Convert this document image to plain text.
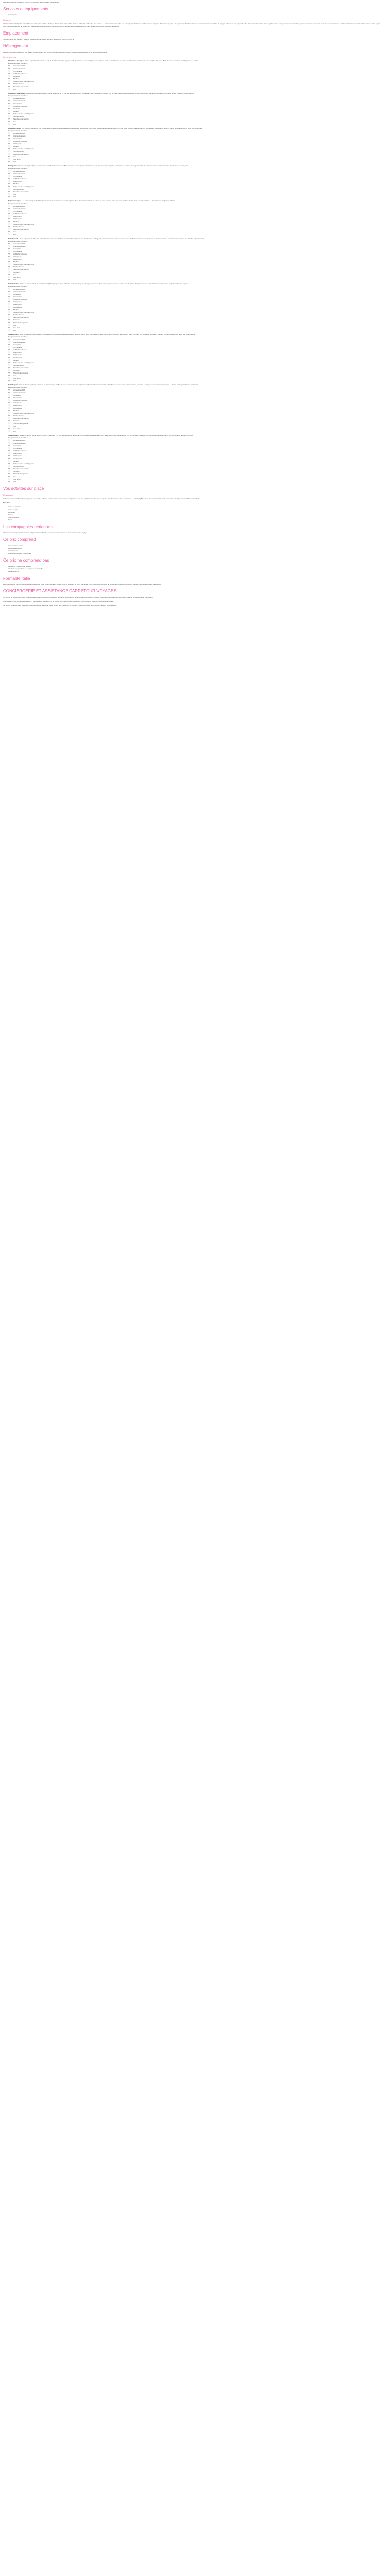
Description Ce pris comprend : Ce pris ne comprend pas Formalité Consignement

Services et équipements
• Conciergerie
Résumé

L'Hôtel de Russie fait partie des établissements les plus célèbres de Rome. Fleuri dès le plus célèbre château et bientôt sur l'un des plus beaux : Le bâtiment historique offre une remarquable définition de raffinement et l'élégance. Dans l'élevage des 120 logements chambres et suites, des chambres aux meubles de l'époque offrent une vue imprenable des Thermes de Caracalla. Dans le jardin secret, vous pourrez vous détendre au parfum des roses le long des murs et sous un ciel bleu. Le Stravinskij Bar s'ouvre sur la piazza. Lors de votre séjour, vous pourrez contempler au dessus des grands toits l'urbanisme de la colline du Pincio et les jardins de la Villa Borghese. Dans la ville vous pourrez découvrir l'élégance.

Emplacement

Situé sur la Via del Babuino, l'Hôtel de Russie offre une vue sur la Piazza del Popolo, à 50 mètres de là.

Hébergement

Les 120 chambres et suites de luxe restent contemporains, tout en concilier de leurs design élégant. Ils sont toutes équipées de la technologie moderne.

Les chambres
• Chambres classiques : D'une superficie d'au moins 18 m2, la chambre classique propose un lit queen size (ou deux lits jumeaux) et donne sur la cour intérieure. Elle offre une décoration traditionnelle et un mobilier d'époque. Salle de bains en marbre avec baignoire et douche.
Équipement de la chambre :
◦ Accessibles PMR
◦ Articles de toilette
◦ Climatisation
◦ Coffre-fort individuel
◦ Lit double
◦ Minibar
◦ Salle de bains avec baignoire
◦ Sèche-cheveux
◦ Télévision par satellite
◦ Wifi
• Chambres supérieures : L'élégante chambre supérieure, d'une superficie de 25 m2, est décorée dans un style élégant. Elle possède un lit queen size ou deux lits jumeaux et une salle de bains en marbre. Certaines chambres donnent sur la cour intérieure ou sur le jardin.
Équipement de la chambre :
◦ Accessibles PMR
◦ Articles de toilette
◦ Climatisation
◦ Coffre-fort individuel
◦ Lit double
◦ Minibar
◦ Salle de bains avec baignoire
◦ Sèche-cheveux
◦ Télévision par satellite
◦ Vue
◦ Wifi
• Chambres deluxe : La chambre deluxe (30 m2) est décorée dans des couleurs claires et chaleureuses. Elle dispose d'un lit king size ou de deux lits jumeaux, d'un coin salon et d'une salle de bains en marbre avec baignoire et douche. Vue sur le jardin secret ou sur la cour intérieure.
Équipement de la chambre :
◦ Accessibles PMR
◦ Articles de toilette
◦ Climatisation
◦ Coffre-fort individuel
◦ Lit king size
◦ Minibar
◦ Salle de bains avec baignoire
◦ Sèche-cheveux
◦ Télévision par satellite
◦ Vue
◦ Vue jardin
◦ Wifi
• Suite junior : La suite junior (45 m2) est décorée dans un style contemporain et offre un espace de vie séparé de la chambre. Elle possède un lit king size, un salon avec canapé et une grande salle de bains en marbre. Certaines suites offrent une vue sur le jardin.
Équipement de la chambre :
◦ Accessibles PMR
◦ Articles de toilette
◦ Climatisation
◦ Coffre-fort individuel
◦ Lit king size
◦ Minibar
◦ Salle de bains avec baignoire
◦ Sèche-cheveux
◦ Télévision par satellite
◦ Vue
◦ Wifi
• Suites classiques : La suite classique (de 60 m2) se compose d'une chambre avec lit king size, d'un salon séparé et de deux salles de bains. La suite offre une vue magnifique sur le jardin ou sur la piazza. La décoration est élégante et raffinée.
Équipement de la chambre :
◦ Accessibles PMR
◦ Articles de toilette
◦ Climatisation
◦ Coffre-fort individuel
◦ Living room
◦ Lit king size
◦ Minibar
◦ Salle de bains avec baignoire
◦ Sèche-cheveux
◦ Télévision par satellite
◦ Vue
◦ Wifi
• Suite Vasselli : D'une superficie de 80 m2, la suite Vasselli donne sur le jardin et la place. Elle comprend une chambre avec lit king size, un salon séparé, un bureau et une salle de bains en marbre avec baignoire et douche. La suite peut communiquer avec une chambre supplémentaire.
Équipement de la chambre :
◦ Accessibles PMR
◦ Articles de toilette
◦ Canapé-lit
◦ Climatisation
◦ Coffre-fort individuel
◦ Living room
◦ Lit king size
◦ Minibar
◦ Salle de bains avec baignoire
◦ Sèche-cheveux
◦ Télévision par satellite
◦ Terrasse
◦ Vue
◦ Vue jardin
◦ Wifi
• Suite Valadier : Située au sixième étage, la suite Valadier (90 m2) dispose d'une chambre avec un lit king size, d'un grand salon et d'une terrasse privée avec vue sur les toits de Rome. Elle possède une salle de bains en marbre avec baignoire et douche séparée.
Équipement de la chambre :
◦ Accessibles PMR
◦ Articles de toilette
◦ Canapé-lit
◦ Climatisation
◦ Coffre-fort individuel
◦ Living room
◦ Lit king size
◦ Lit d'appoint
◦ Minibar
◦ Salle de bains avec baignoire
◦ Sèche-cheveux
◦ Télévision par satellite
◦ Terrasse
◦ Thé/café à disposition
◦ Vue
◦ Vue jardin
◦ Wifi
• Suite Picasso : Sous les toits de l'hôtel, la suite Picasso est un hommage au célèbre peintre qui séjourna dans l'hôtel. D'une superficie de 100 m2, elle comprend une chambre avec un lit king size, un salon, une salle à manger et une terrasse privée avec vue sur les jardins.
Équipement de la chambre :
◦ Accessibles PMR
◦ Articles de toilette
◦ Canapé-lit
◦ Climatisation
◦ Coffre-fort individuel
◦ Living room
◦ Lit king size
◦ Lit d'appoint
◦ Minibar
◦ Salle de bains avec baignoire
◦ Sèche-cheveux
◦ Télévision par satellite
◦ Terrasse
◦ Thé/café à disposition
◦ Vue
◦ Vue jardin
◦ Wifi
• Suite Popolo : La suite Popolo (120 m2) est située au dernier étage et offre une vue spectaculaire sur la piazza del Popolo. Elle comprend deux chambres, un grand salon avec cheminée, une salle à manger et une terrasse aménagée. Le design mélange tradition et modernité.
Équipement de la chambre :
◦ Accessibles PMR
◦ Articles de toilette
◦ Canapé-lit
◦ Climatisation
◦ Coffre-fort individuel
◦ Living room
◦ Lit king size
◦ Lit d'appoint
◦ Minibar
◦ Salle de bains avec baignoire
◦ Sèche-cheveux
◦ Télévision par satellite
◦ Terrasse
◦ Thé/café à disposition
◦ Vue
◦ Vue jardin
◦ Wifi
• Suite Nijinsky : Située au dernier étage, la suite Nijinsky s'étend sur 170 m2. Elle dispose de deux chambres, de deux salles de bains, d'un vaste salon avec salle à manger et d'une terrasse privée offrant une vue panoramique sur les toits de Rome et la colline du Pincio.
Équipement de la chambre :
◦ Accessibles PMR
◦ Articles de toilette
◦ Canapé-lit
◦ Climatisation
◦ Coffre-fort individuel
◦ Living room
◦ Lit king size
◦ Lit d'appoint
◦ Minibar
◦ Salle de bains avec baignoire
◦ Sèche-cheveux
◦ Télévision par satellite
◦ Terrasse
◦ Thé/café à disposition
◦ Vue
◦ Vue jardin
◦ Wifi
Vos activités sur place
Restaurant

Le Restaurant Le Jardin de Russie propose une cuisine italienne contemporaine dans un cadre élégant avec vue sur le jardin secret. En été, le déjeuner et le dîner sont servis en terrasse. Le Stravinskij Bar est un lieu incontournable de la vie romaine, idéal pour un apéritif ou un cocktail.

Bien-être

• Accès à la piscine
• Accès au spa
• Hammam
• Sauna
• Salle de fitness
• Soins
Les compagnies aériennes

La liste des compagnies aériennes est indiquée à titre indicatif et peut être modifiée lors de la réservation de votre voyage.

Ce prix comprend
• Les vols aller / retour
• Les taxes aériennes
• Les transferts
• L'hébergement dans l'hôtel choisi
Ce prix ne comprend pas
• Les visites, excursions et activités
• Les boissons, pourboires et dépenses personnelles
• Les assurances
Formalité Italie

Les ressortissants français doivent être en possession d'une carte nationale d'identité ou d'un passeport en cours de validité. Nous vous recommandons de vérifier les formalités auprès des autorités compétentes avant votre départ.

CONCIERGERIE ET ASSISTANCE CARREFOUR VOYAGES

Un service de conciergerie est à votre disposition avant et pendant votre séjour pour vous accompagner dans l'organisation de votre voyage : réservation de restaurants, activités, transferts et toute demande particulière.

Une assistance est joignable 24h/24 et 7j/7 pendant votre séjour en cas de besoin. Les coordonnées vous seront communiquées avec vos documents de voyage.

Ce service est inclus dans votre forfait et accessible par téléphone ou par e-mail. Nos conseillers se tiennent à votre disposition pour répondre à toutes vos questions.
